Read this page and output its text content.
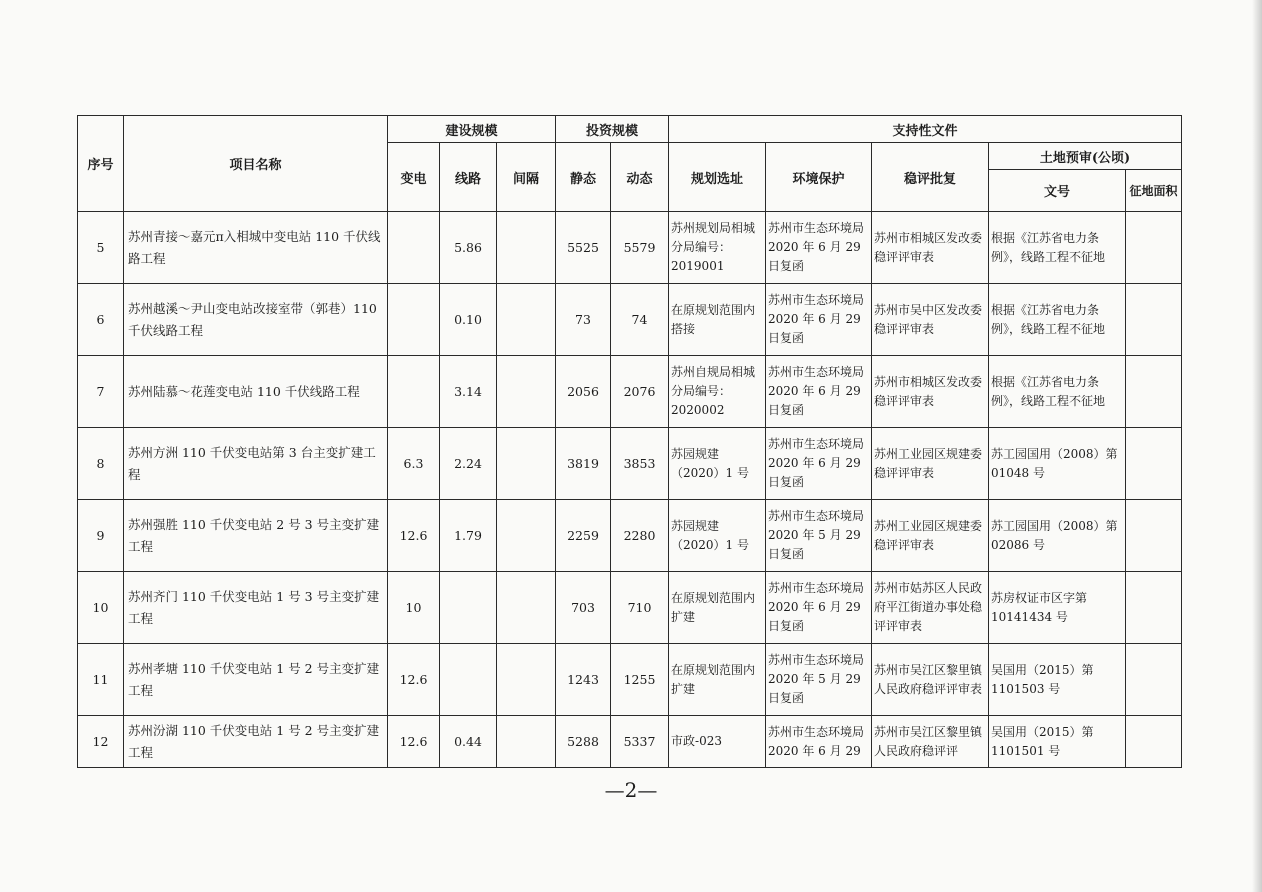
序号	项目名称	建设规模			投资规模		支持性文件				
		变电	线路	间隔	静态	动态	规划选址	环境保护	稳评批复	土地预审(公顷)	
										文号	征地面积
5	苏州青接～嘉元π入相城中变电站 110 千伏线路工程		5.86		5525	5579	苏州规划局相城分局编号：2019001	苏州市生态环境局 2020 年 6 月 29 日复函	苏州市相城区发改委稳评评审表	根据《江苏省电力条例》，线路工程不征地	
6	苏州越溪～尹山变电站改接室带（郭巷）110 千伏线路工程		0.10		73	74	在原规划范围内搭接	苏州市生态环境局 2020 年 6 月 29 日复函	苏州市吴中区发改委稳评评审表	根据《江苏省电力条例》，线路工程不征地	
7	苏州陆慕～花莲变电站 110 千伏线路工程		3.14		2056	2076	苏州自规局相城分局编号：2020002	苏州市生态环境局 2020 年 6 月 29 日复函	苏州市相城区发改委稳评评审表	根据《江苏省电力条例》，线路工程不征地	
8	苏州方洲 110 千伏变电站第 3 台主变扩建工程	6.3	2.24		3819	3853	苏园规建（2020）1 号	苏州市生态环境局 2020 年 6 月 29 日复函	苏州工业园区规建委稳评评审表	苏工园国用（2008）第 01048 号	
9	苏州强胜 110 千伏变电站 2 号 3 号主变扩建工程	12.6	1.79		2259	2280	苏园规建（2020）1 号	苏州市生态环境局 2020 年 5 月 29 日复函	苏州工业园区规建委稳评评审表	苏工园国用（2008）第 02086 号	
10	苏州齐门 110 千伏变电站 1 号 3 号主变扩建工程	10			703	710	在原规划范围内扩建	苏州市生态环境局 2020 年 6 月 29 日复函	苏州市姑苏区人民政府平江街道办事处稳评评审表	苏房权证市区字第 10141434 号	
11	苏州孝塘 110 千伏变电站 1 号 2 号主变扩建工程	12.6			1243	1255	在原规划范围内扩建	苏州市生态环境局 2020 年 5 月 29 日复函	苏州市吴江区黎里镇人民政府稳评评审表	吴国用（2015）第 1101503 号	
12	苏州汾湖 110 千伏变电站 1 号 2 号主变扩建工程	12.6	0.44		5288	5337	市政-023	苏州市生态环境局 2020 年 6 月 29	苏州市吴江区黎里镇人民政府稳评评	吴国用（2015）第 1101501 号	
—2—
